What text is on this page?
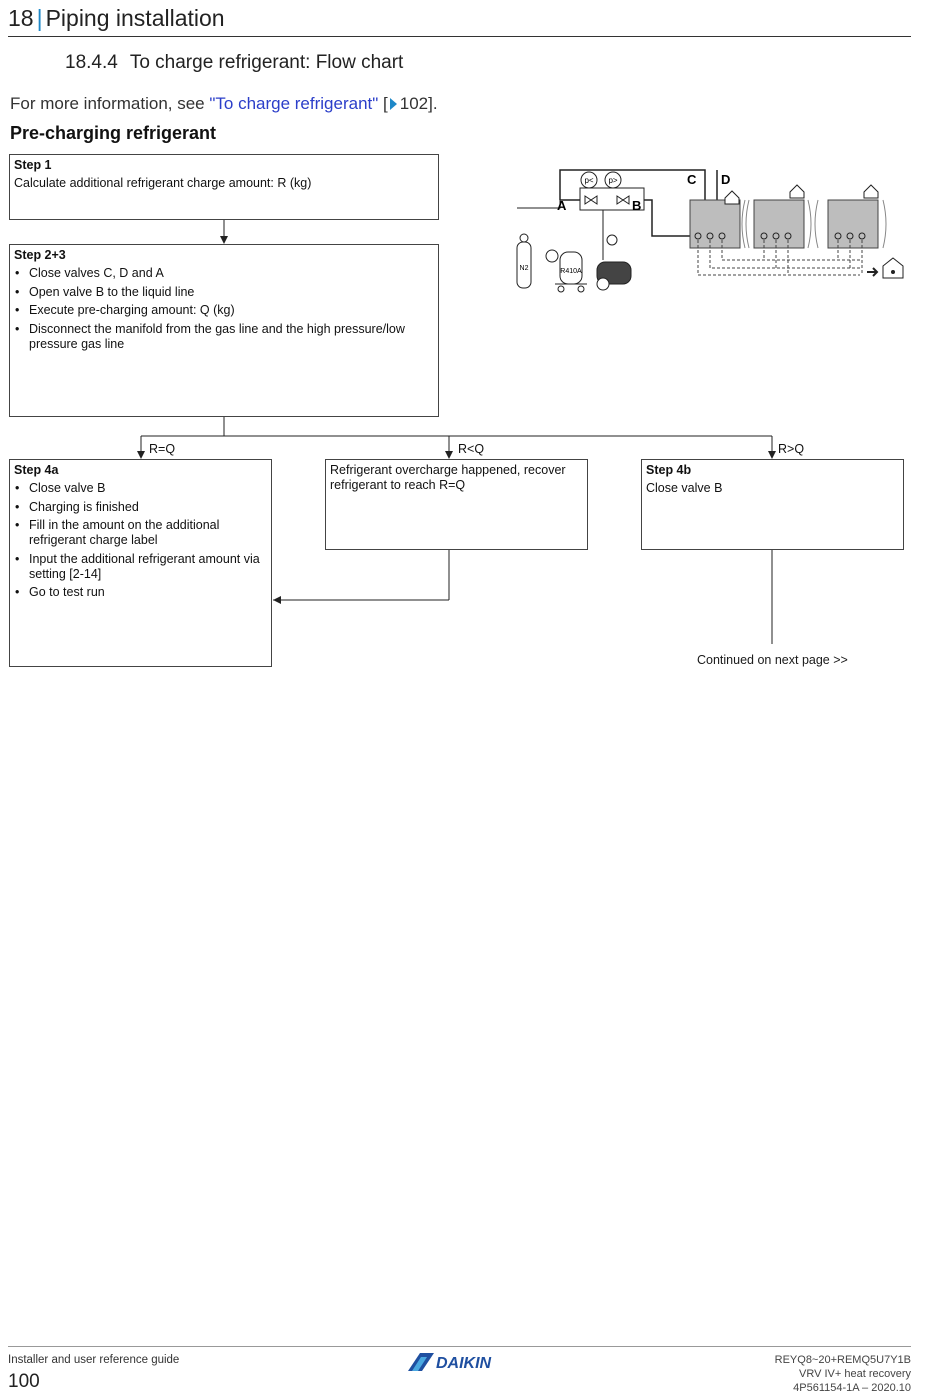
18 | Piping installation
18.4.4 To charge refrigerant: Flow chart
For more information, see "To charge refrigerant" [ 102].
Pre-charging refrigerant
Step 1
Calculate additional refrigerant charge amount: R (kg)
Step 2+3
• Close valves C, D and A
• Open valve B to the liquid line
• Execute pre-charging amount: Q (kg)
• Disconnect the manifold from the gas line and the high pressure/low pressure gas line
Step 4a
• Close valve B
• Charging is finished
• Fill in the amount on the additional refrigerant charge label
• Input the additional refrigerant amount via setting [2-14]
• Go to test run
Refrigerant overcharge happened, recover refrigerant to reach R=Q
Step 4b
Close valve B
R=Q	R<Q	R>Q
Continued on next page >>
p< p>
A	B
C D
N2	R410A
Installer and user reference guide
100
DAIKIN	REYQ8~20+REMQ5U7Y1B
VRV IV+ heat recovery
4P561154-1A – 2020.10
